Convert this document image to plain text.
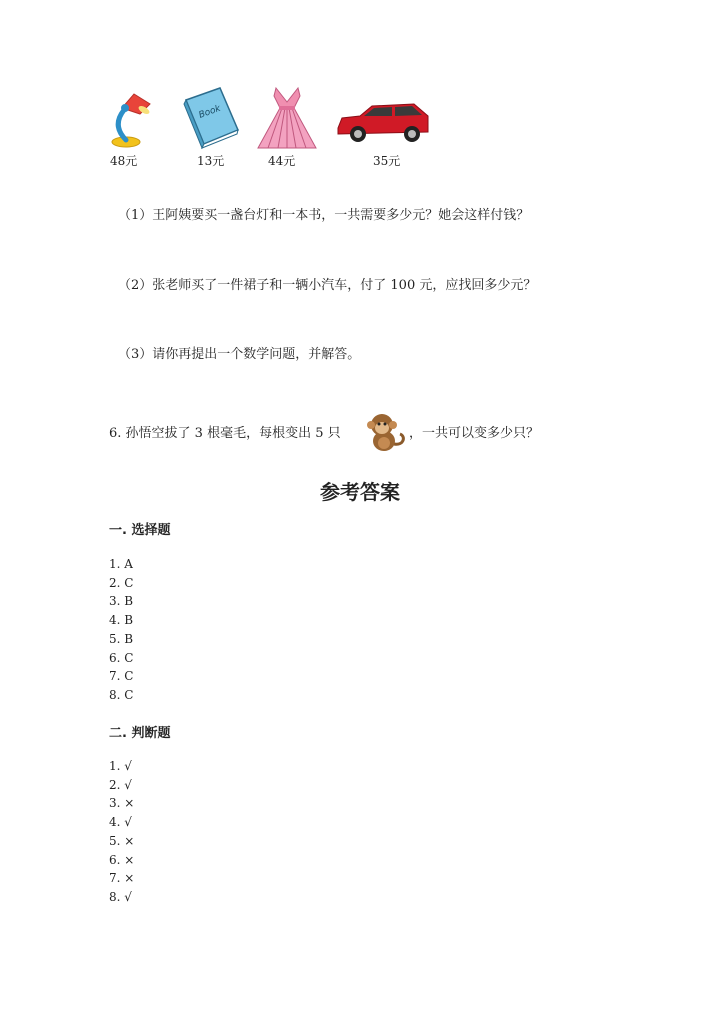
48元
Book
13元	44元	35元
（1）王阿姨要买一盏台灯和一本书，一共需要多少元？她会这样付钱？
（2）张老师买了一件裙子和一辆小汽车，付了 100 元，应找回多少元？
（3）请你再提出一个数学问题，并解答。
6. 孙悟空拔了 3 根毫毛，每根变出 5 只	，一共可以变多少只？
参考答案
一. 选择题
1. A
2. C
3. B
4. B
5. B
6. C
7. C
8. C
二. 判断题
1. √
2. √
3. ×
4. √
5. ×
6. ×
7. ×
8. √
